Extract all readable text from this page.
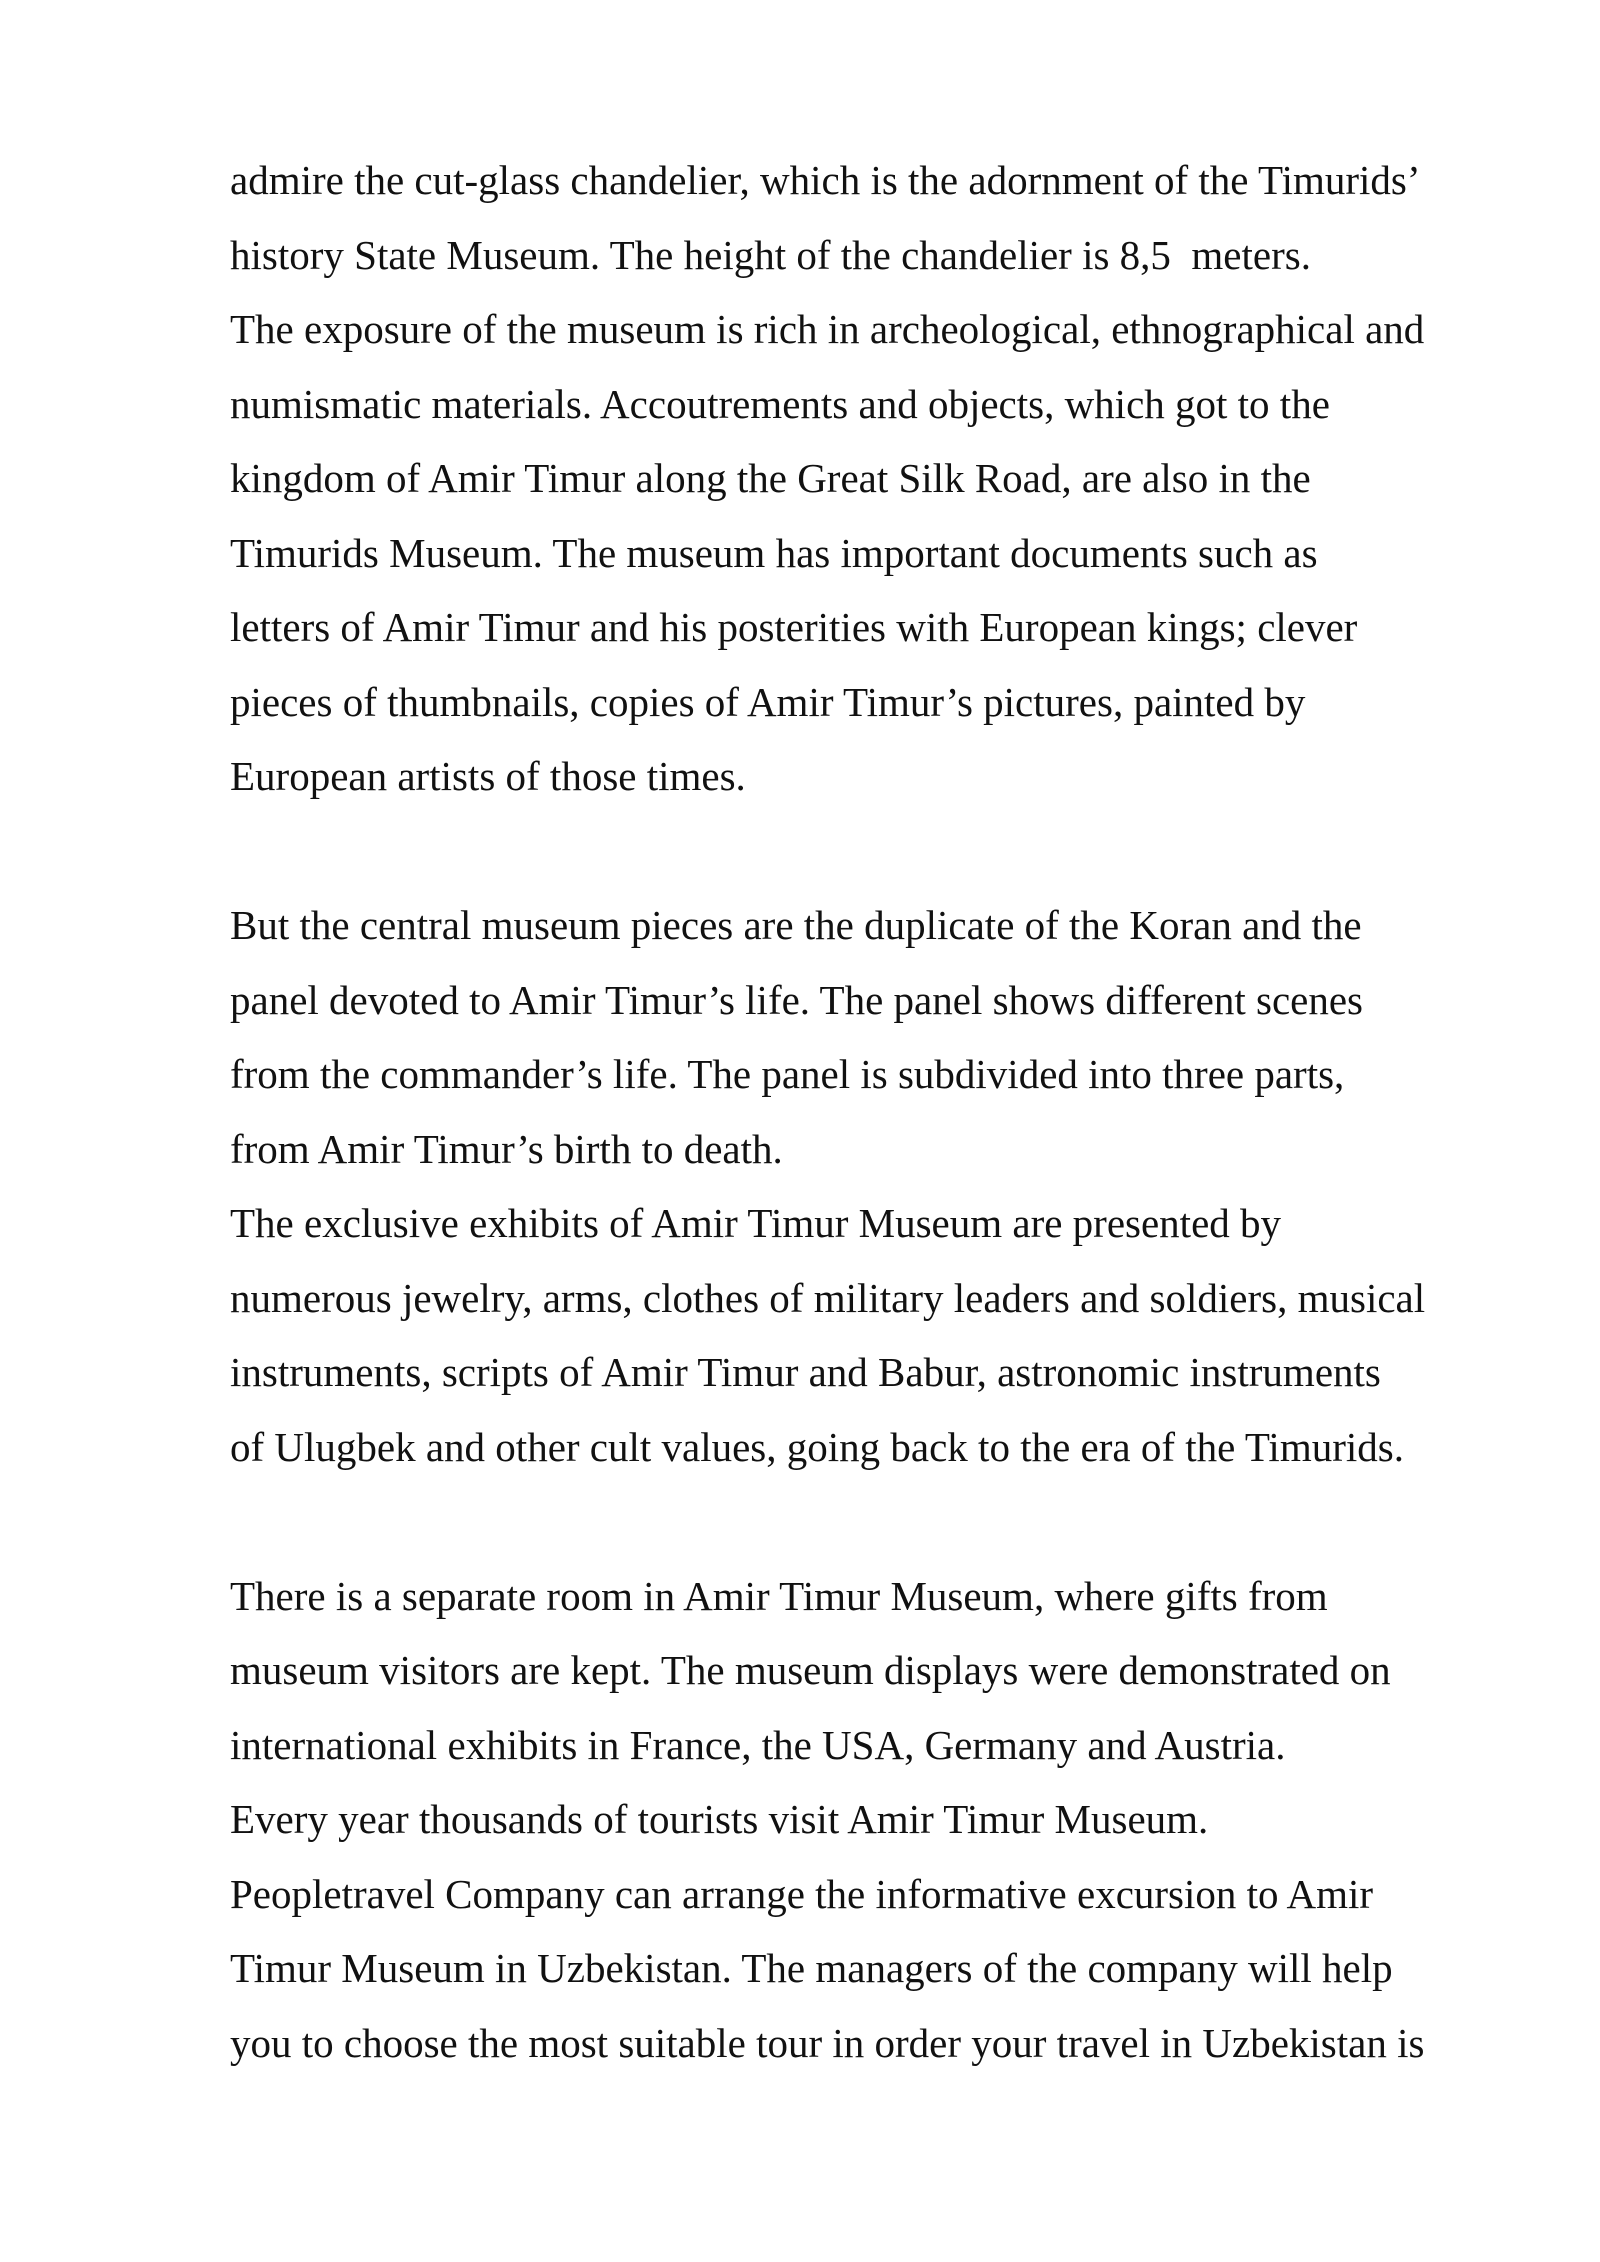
admire the cut-glass chandelier, which is the adornment of the Timurids’
history State Museum. The height of the chandelier is 8,5  meters.
The exposure of the museum is rich in archeological, ethnographical and
numismatic materials. Accoutrements and objects, which got to the
kingdom of Amir Timur along the Great Silk Road, are also in the
Timurids Museum. The museum has important documents such as
letters of Amir Timur and his posterities with European kings; clever
pieces of thumbnails, copies of Amir Timur’s pictures, painted by
European artists of those times.
But the central museum pieces are the duplicate of the Koran and the
panel devoted to Amir Timur’s life. The panel shows different scenes
from the commander’s life. The panel is subdivided into three parts,
from Amir Timur’s birth to death.
The exclusive exhibits of Amir Timur Museum are presented by
numerous jewelry, arms, clothes of military leaders and soldiers, musical
instruments, scripts of Amir Timur and Babur, astronomic instruments
of Ulugbek and other cult values, going back to the era of the Timurids.
There is a separate room in Amir Timur Museum, where gifts from
museum visitors are kept. The museum displays were demonstrated on
international exhibits in France, the USA, Germany and Austria.
Every year thousands of tourists visit Amir Timur Museum.
Peopletravel Company can arrange the informative excursion to Amir
Timur Museum in Uzbekistan. The managers of the company will help
you to choose the most suitable tour in order your travel in Uzbekistan is
